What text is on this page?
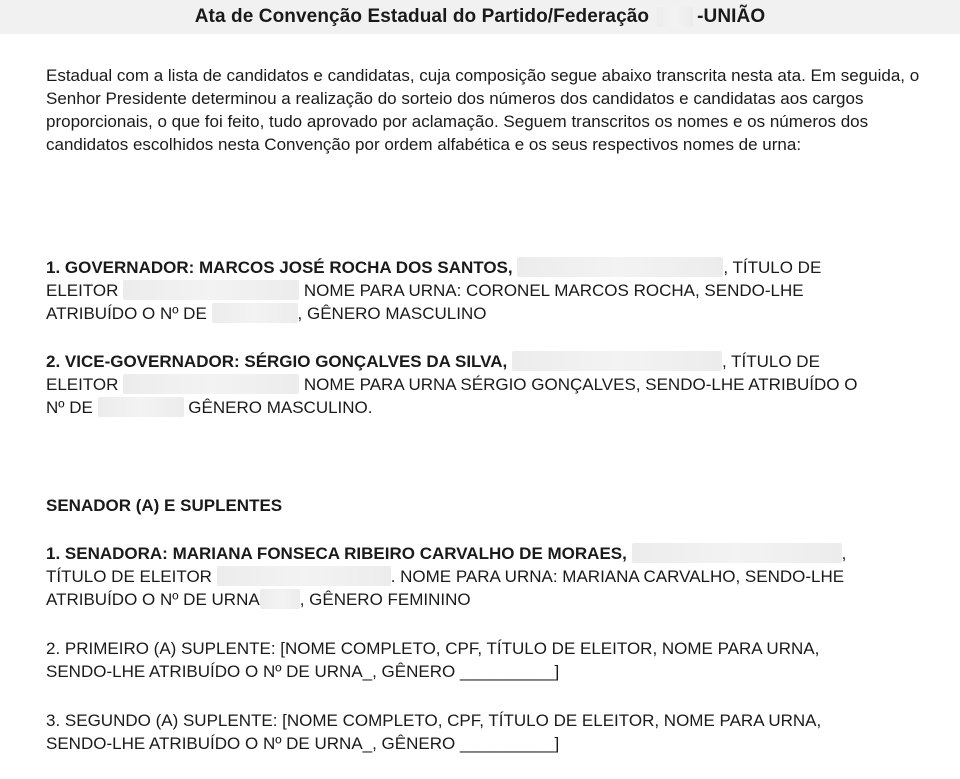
Ata de Convenção Estadual do Partido/Federação	-UNIÃO

Estadual com a lista de candidatos e candidatas, cuja composição segue abaixo transcrita nesta ata. Em seguida, o Senhor Presidente determinou a realização do sorteio dos números dos candidatos e candidatas aos cargos proporcionais, o que foi feito, tudo aprovado por aclamação. Seguem transcritos os nomes e os números dos candidatos escolhidos nesta Convenção por ordem alfabética e os seus respectivos nomes de urna:

1. GOVERNADOR: MARCOS JOSÉ ROCHA DOS SANTOS,	, TÍTULO DE
ELEITOR	NOME PARA URNA: CORONEL MARCOS ROCHA, SENDO-LHE
ATRIBUÍDO O Nº DE	, GÊNERO MASCULINO
2. VICE-GOVERNADOR: SÉRGIO GONÇALVES DA SILVA,	, TÍTULO DE
ELEITOR	NOME PARA URNA SÉRGIO GONÇALVES, SENDO-LHE ATRIBUÍDO O
Nº DE	GÊNERO MASCULINO.
SENADOR (A) E SUPLENTES
1. SENADORA: MARIANA FONSECA RIBEIRO CARVALHO DE MORAES,	,
TÍTULO DE ELEITOR	. NOME PARA URNA: MARIANA CARVALHO, SENDO-LHE
ATRIBUÍDO O Nº DE URNA , GÊNERO FEMININO
2. PRIMEIRO (A) SUPLENTE: [NOME COMPLETO, CPF, TÍTULO DE ELEITOR, NOME PARA URNA,
SENDO-LHE ATRIBUÍDO O Nº DE URNA_, GÊNERO __________]
3. SEGUNDO (A) SUPLENTE: [NOME COMPLETO, CPF, TÍTULO DE ELEITOR, NOME PARA URNA,
SENDO-LHE ATRIBUÍDO O Nº DE URNA_, GÊNERO __________]
